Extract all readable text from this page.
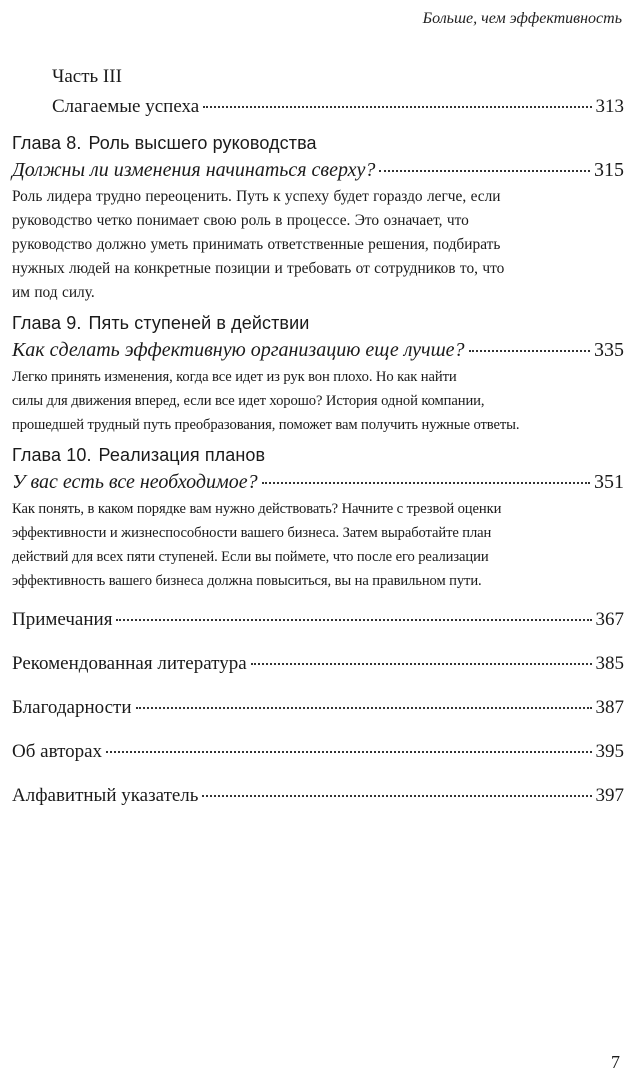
Больше, чем эффективность
Часть III
Слагаемые успеха	313
Глава 8. Роль высшего руководства
Должны ли изменения начинаться сверху?	315
Роль лидера трудно переоценить. Путь к успеху будет гораздо легче, если
руководство четко понимает свою роль в процессе. Это означает, что
руководство должно уметь принимать ответственные решения, подбирать
нужных людей на конкретные позиции и требовать от сотрудников то, что
им под силу.
Глава 9. Пять ступеней в действии
Как сделать эффективную организацию еще лучше?	335
Легко принять изменения, когда все идет из рук вон плохо. Но как найти
силы для движения вперед, если все идет хорошо? История одной компании,
прошедшей трудный путь преобразования, поможет вам получить нужные ответы.
Глава 10. Реализация планов
У вас есть все необходимое?	351
Как понять, в каком порядке вам нужно действовать? Начните с трезвой оценки
эффективности и жизнеспособности вашего бизнеса. Затем выработайте план
действий для всех пяти ступеней. Если вы поймете, что после его реализации
эффективность вашего бизнеса должна повыситься, вы на правильном пути.
Примечания	367
Рекомендованная литература	385
Благодарности	387
Об авторах	395
Алфавитный указатель	397
7
